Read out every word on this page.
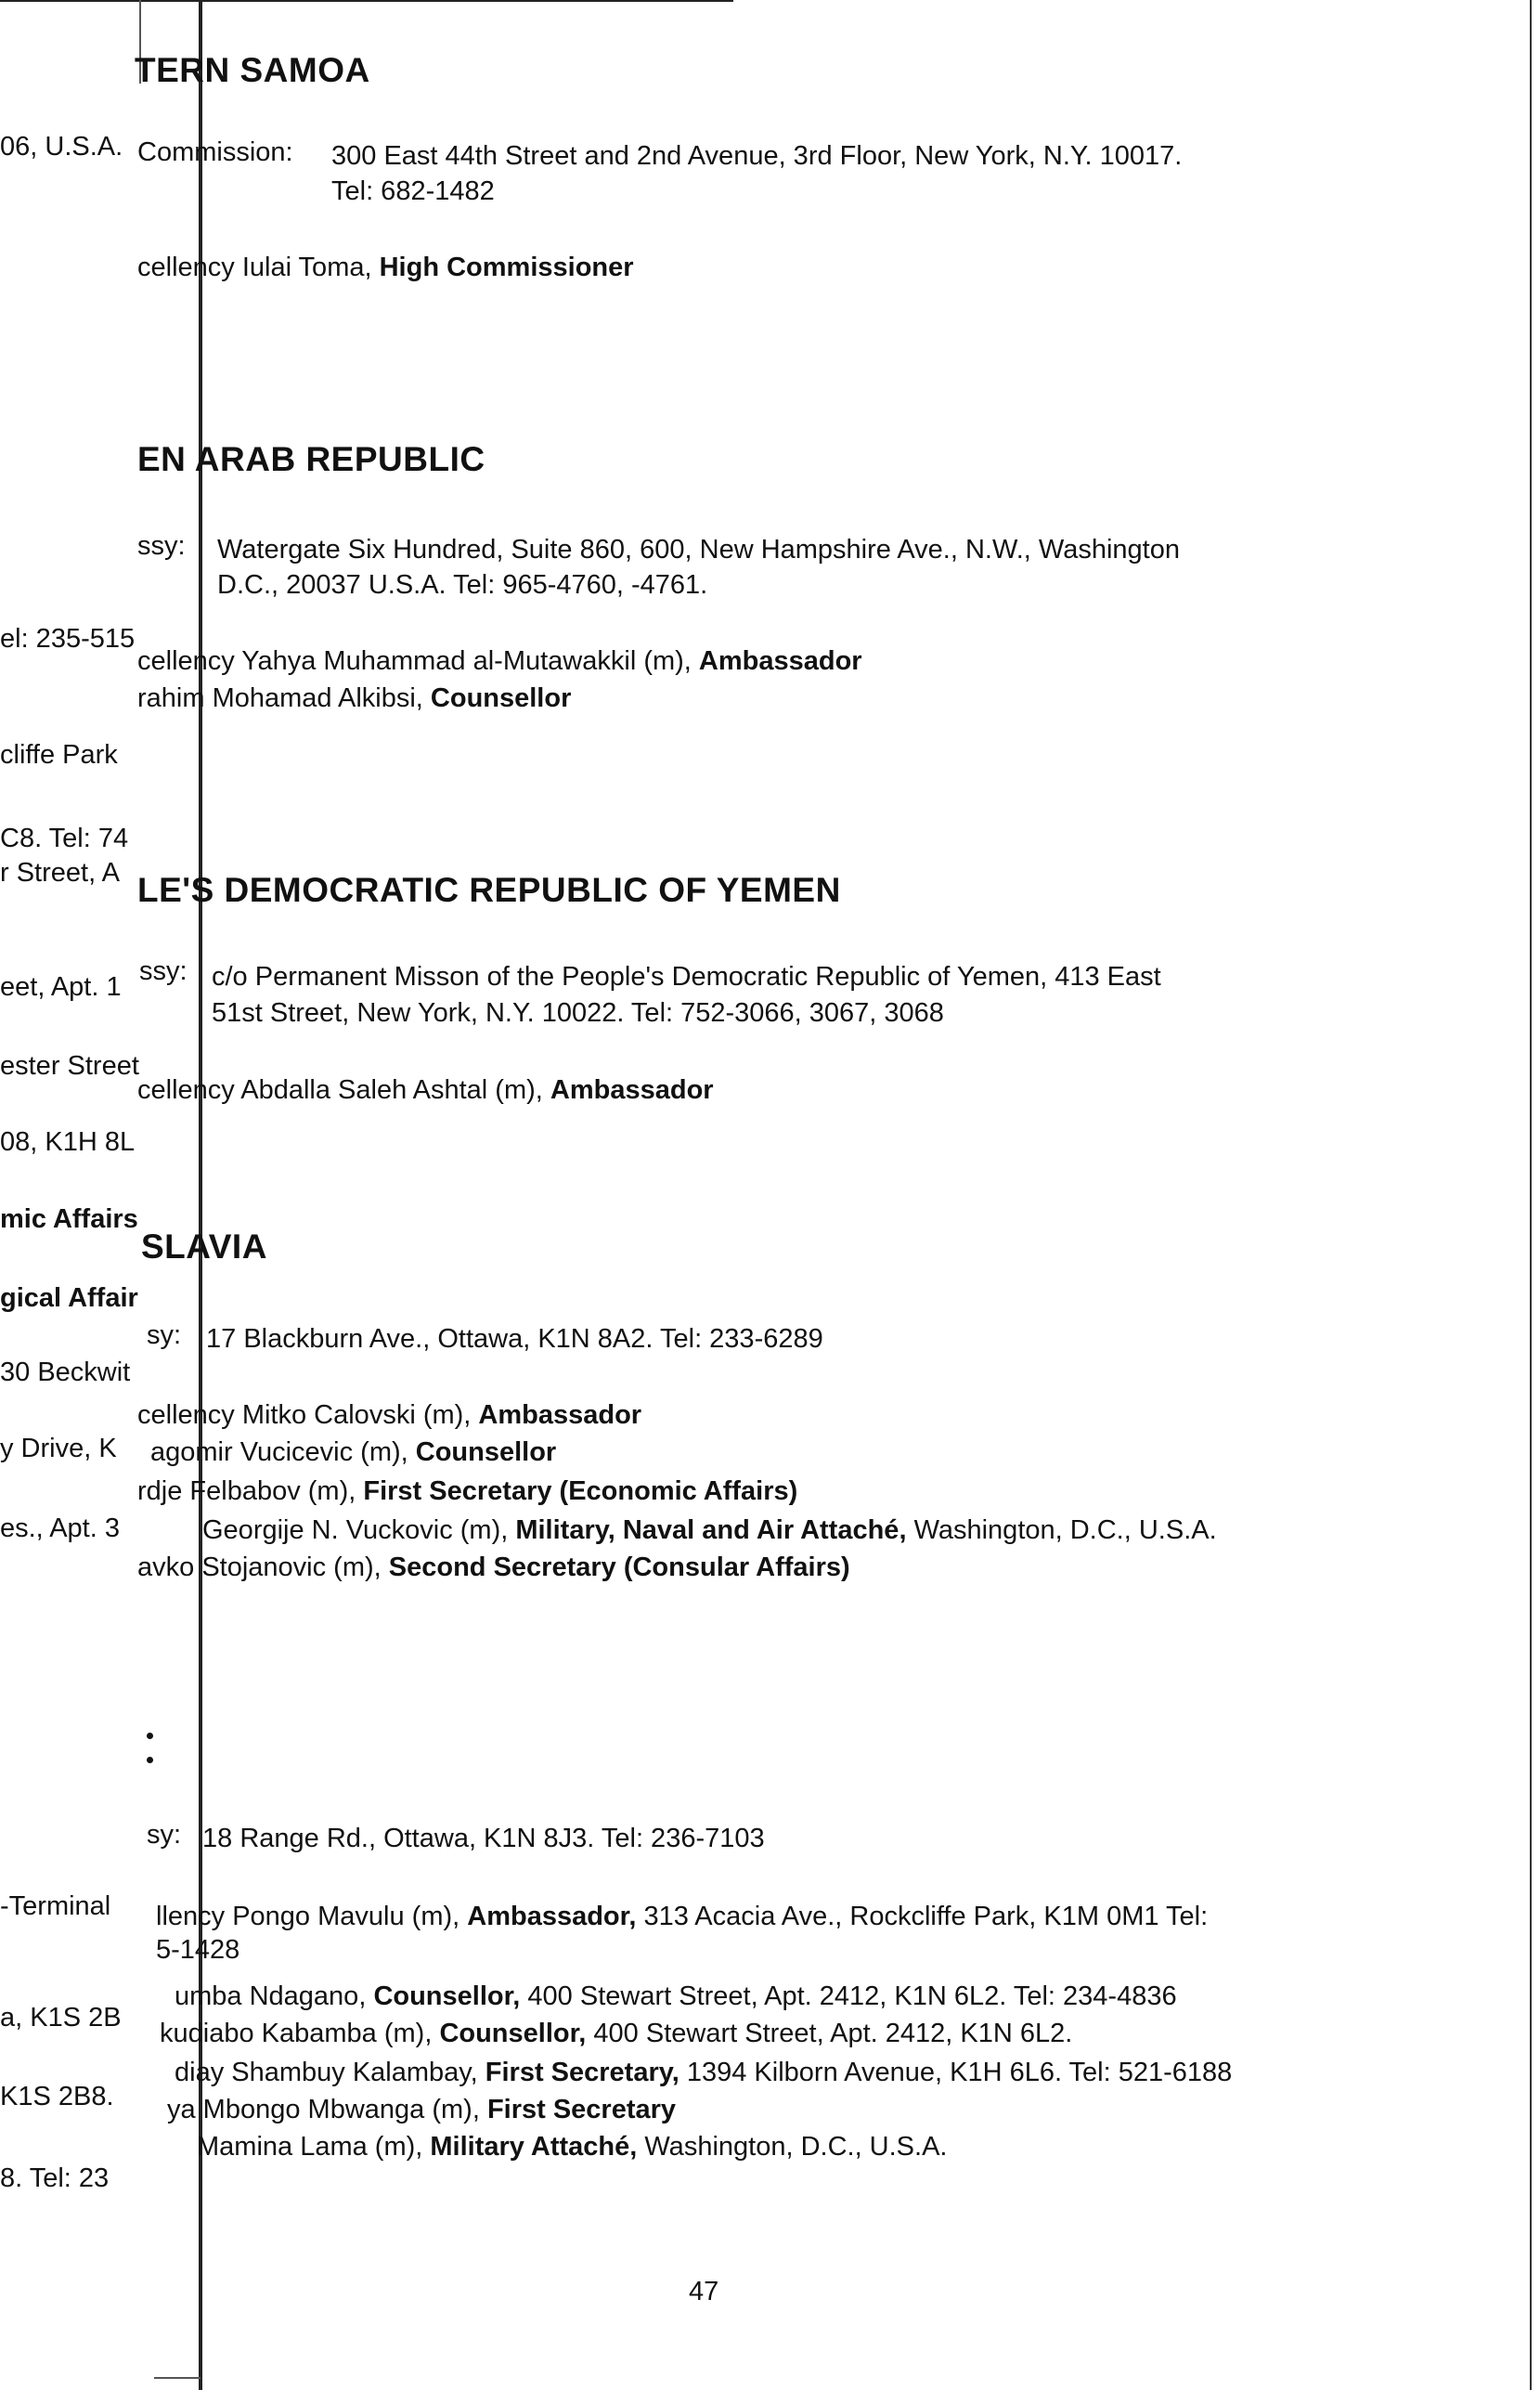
06, U.S.A.
el: 235-515
cliffe Park
C8. Tel: 74
r Street, A
eet, Apt. 1
ester Street
08, K1H 8L
mic Affairs
gical Affair
30 Beckwit
y Drive, K
es., Apt. 3
-Terminal
a, K1S 2B
K1S 2B8.
8. Tel: 23
TERN SAMOA
Commission: 300 East 44th Street and 2nd Avenue, 3rd Floor, New York, N.Y. 10017.
Tel: 682-1482
cellency Iulai Toma, High Commissioner
EN ARAB REPUBLIC
ssy: Watergate Six Hundred, Suite 860, 600, New Hampshire Ave., N.W., Washington
D.C., 20037 U.S.A. Tel: 965-4760, -4761.
cellency Yahya Muhammad al-Mutawakkil (m), Ambassador
rahim Mohamad Alkibsi, Counsellor
LE'S DEMOCRATIC REPUBLIC OF YEMEN
ssy: c/o Permanent Misson of the People's Democratic Republic of Yemen, 413 East
51st Street, New York, N.Y. 10022. Tel: 752-3066, 3067, 3068
cellency Abdalla Saleh Ashtal (m), Ambassador
SLAVIA
sy: 17 Blackburn Ave., Ottawa, K1N 8A2. Tel: 233-6289
cellency Mitko Calovski (m), Ambassador
agomir Vucicevic (m), Counsellor
rdje Felbabov (m), First Secretary (Economic Affairs)
Georgije N. Vuckovic (m), Military, Naval and Air Attaché, Washington, D.C., U.S.A.
avko Stojanovic (m), Second Secretary (Consular Affairs)
sy: 18 Range Rd., Ottawa, K1N 8J3. Tel: 236-7103
llency Pongo Mavulu (m), Ambassador, 313 Acacia Ave., Rockcliffe Park, K1M 0M1 Tel:
5-1428
umba Ndagano, Counsellor, 400 Stewart Street, Apt. 2412, K1N 6L2. Tel: 234-4836
kudiabo Kabamba (m), Counsellor, 400 Stewart Street, Apt. 2412, K1N 6L2.
diay Shambuy Kalambay, First Secretary, 1394 Kilborn Avenue, K1H 6L6. Tel: 521-6188
ya Mbongo Mbwanga (m), First Secretary
Mamina Lama (m), Military Attaché, Washington, D.C., U.S.A.
47
